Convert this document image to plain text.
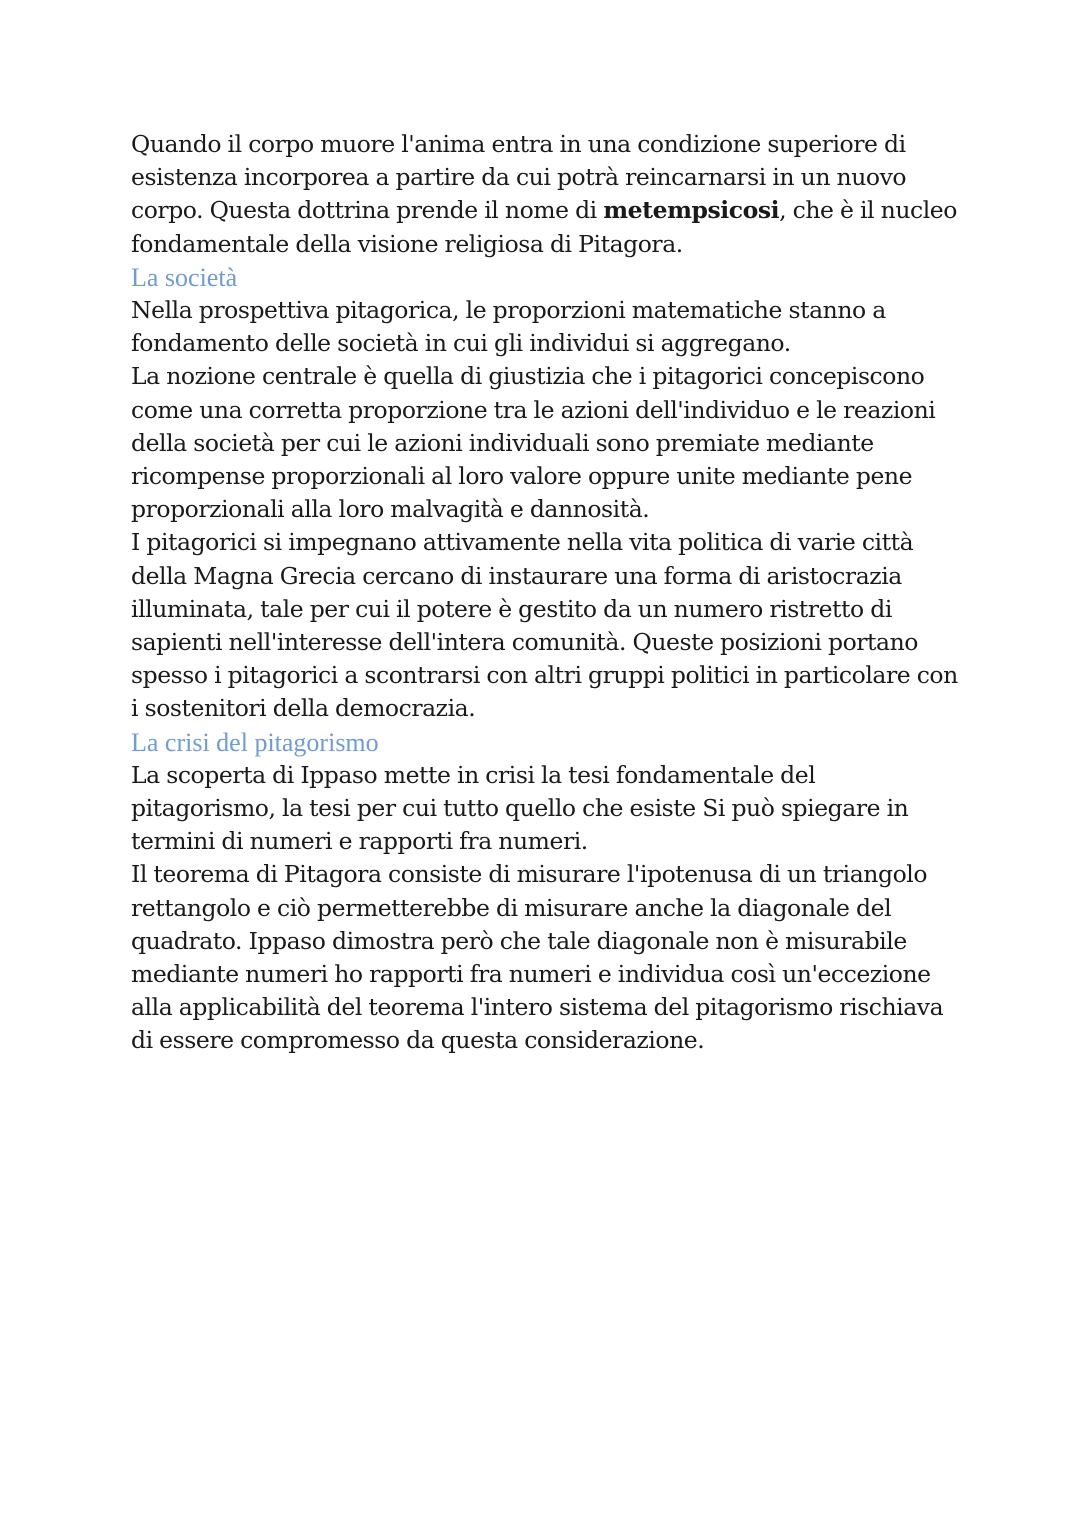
Quando il corpo muore l'anima entra in una condizione superiore di esistenza incorporea a partire da cui potrà reincarnarsi in un nuovo corpo. Questa dottrina prende il nome di metempsicosi, che è il nucleo fondamentale della visione religiosa di Pitagora.

La società

Nella prospettiva pitagorica, le proporzioni matematiche stanno a fondamento delle società in cui gli individui si aggregano.

La nozione centrale è quella di giustizia che i pitagorici concepiscono come una corretta proporzione tra le azioni dell'individuo e le reazioni della società per cui le azioni individuali sono premiate mediante ricompense proporzionali al loro valore oppure unite mediante pene proporzionali alla loro malvagità e dannosità.

I pitagorici si impegnano attivamente nella vita politica di varie città della Magna Grecia cercano di instaurare una forma di aristocrazia illuminata, tale per cui il potere è gestito da un numero ristretto di sapienti nell'interesse dell'intera comunità. Queste posizioni portano spesso i pitagorici a scontrarsi con altri gruppi politici in particolare con i sostenitori della democrazia.

La crisi del pitagorismo

La scoperta di Ippaso mette in crisi la tesi fondamentale del pitagorismo, la tesi per cui tutto quello che esiste Si può spiegare in termini di numeri e rapporti fra numeri.

Il teorema di Pitagora consiste di misurare l'ipotenusa di un triangolo rettangolo e ciò permetterebbe di misurare anche la diagonale del quadrato. Ippaso dimostra però che tale diagonale non è misurabile mediante numeri ho rapporti fra numeri e individua così un'eccezione alla applicabilità del teorema l'intero sistema del pitagorismo rischiava di essere compromesso da questa considerazione.
